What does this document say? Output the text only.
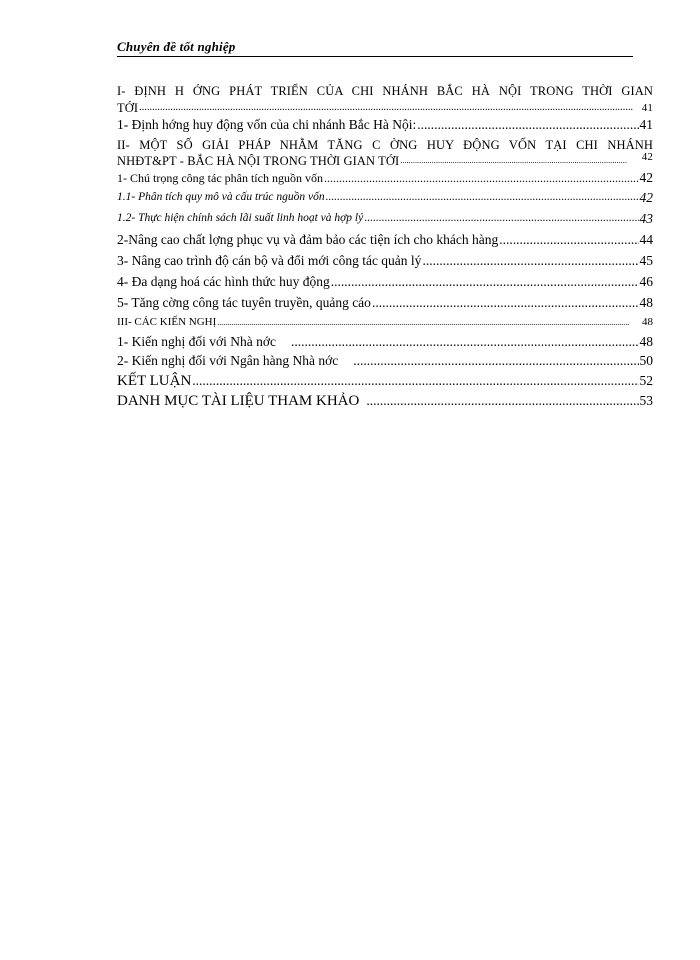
Chuyên đề tốt nghiệp
I- ĐỊNH H ỚNG PHÁT TRIỂN CỦA CHI NHÁNH BẮC HÀ NỘI TRONG THỜI GIAN
TỚI .....	41
1- Định hớng huy động vốn của chi nhánh Bắc Hà Nội: .....	41
II- MỘT SỐ GIẢI PHÁP NHẰM TĂNG C ỜNG HUY ĐỘNG VỐN TẠI CHI NHÁNH
NHĐT&PT - BẮC HÀ NỘI TRONG THỜI GIAN TỚI .....	42
1- Chú trọng công tác phân tích nguồn vốn .....	42
1.1- Phân tích quy mô và cấu trúc nguồn vốn .....	42
1.2- Thực hiện chính sách lãi suất linh hoạt và hợp lý .....	43
2-Nâng cao chất lợng phục vụ và đảm bảo các tiện ích cho khách hàng .....	44
3- Nâng cao trình độ cán bộ và đổi mới công tác quản lý .....	45
4- Đa dạng hoá các hình thức huy động .....	46
5- Tăng cờng công tác tuyên truyền, quảng cáo .....	48
III- CÁC KIẾN NGHỊ .....	48
1- Kiến nghị đối với Nhà nớc .....	48
2- Kiến nghị đối với Ngân hàng Nhà nớc .....	50
KẾT LUẬN .....	52
DANH MỤC TÀI LIỆU THAM KHẢO .....	53
